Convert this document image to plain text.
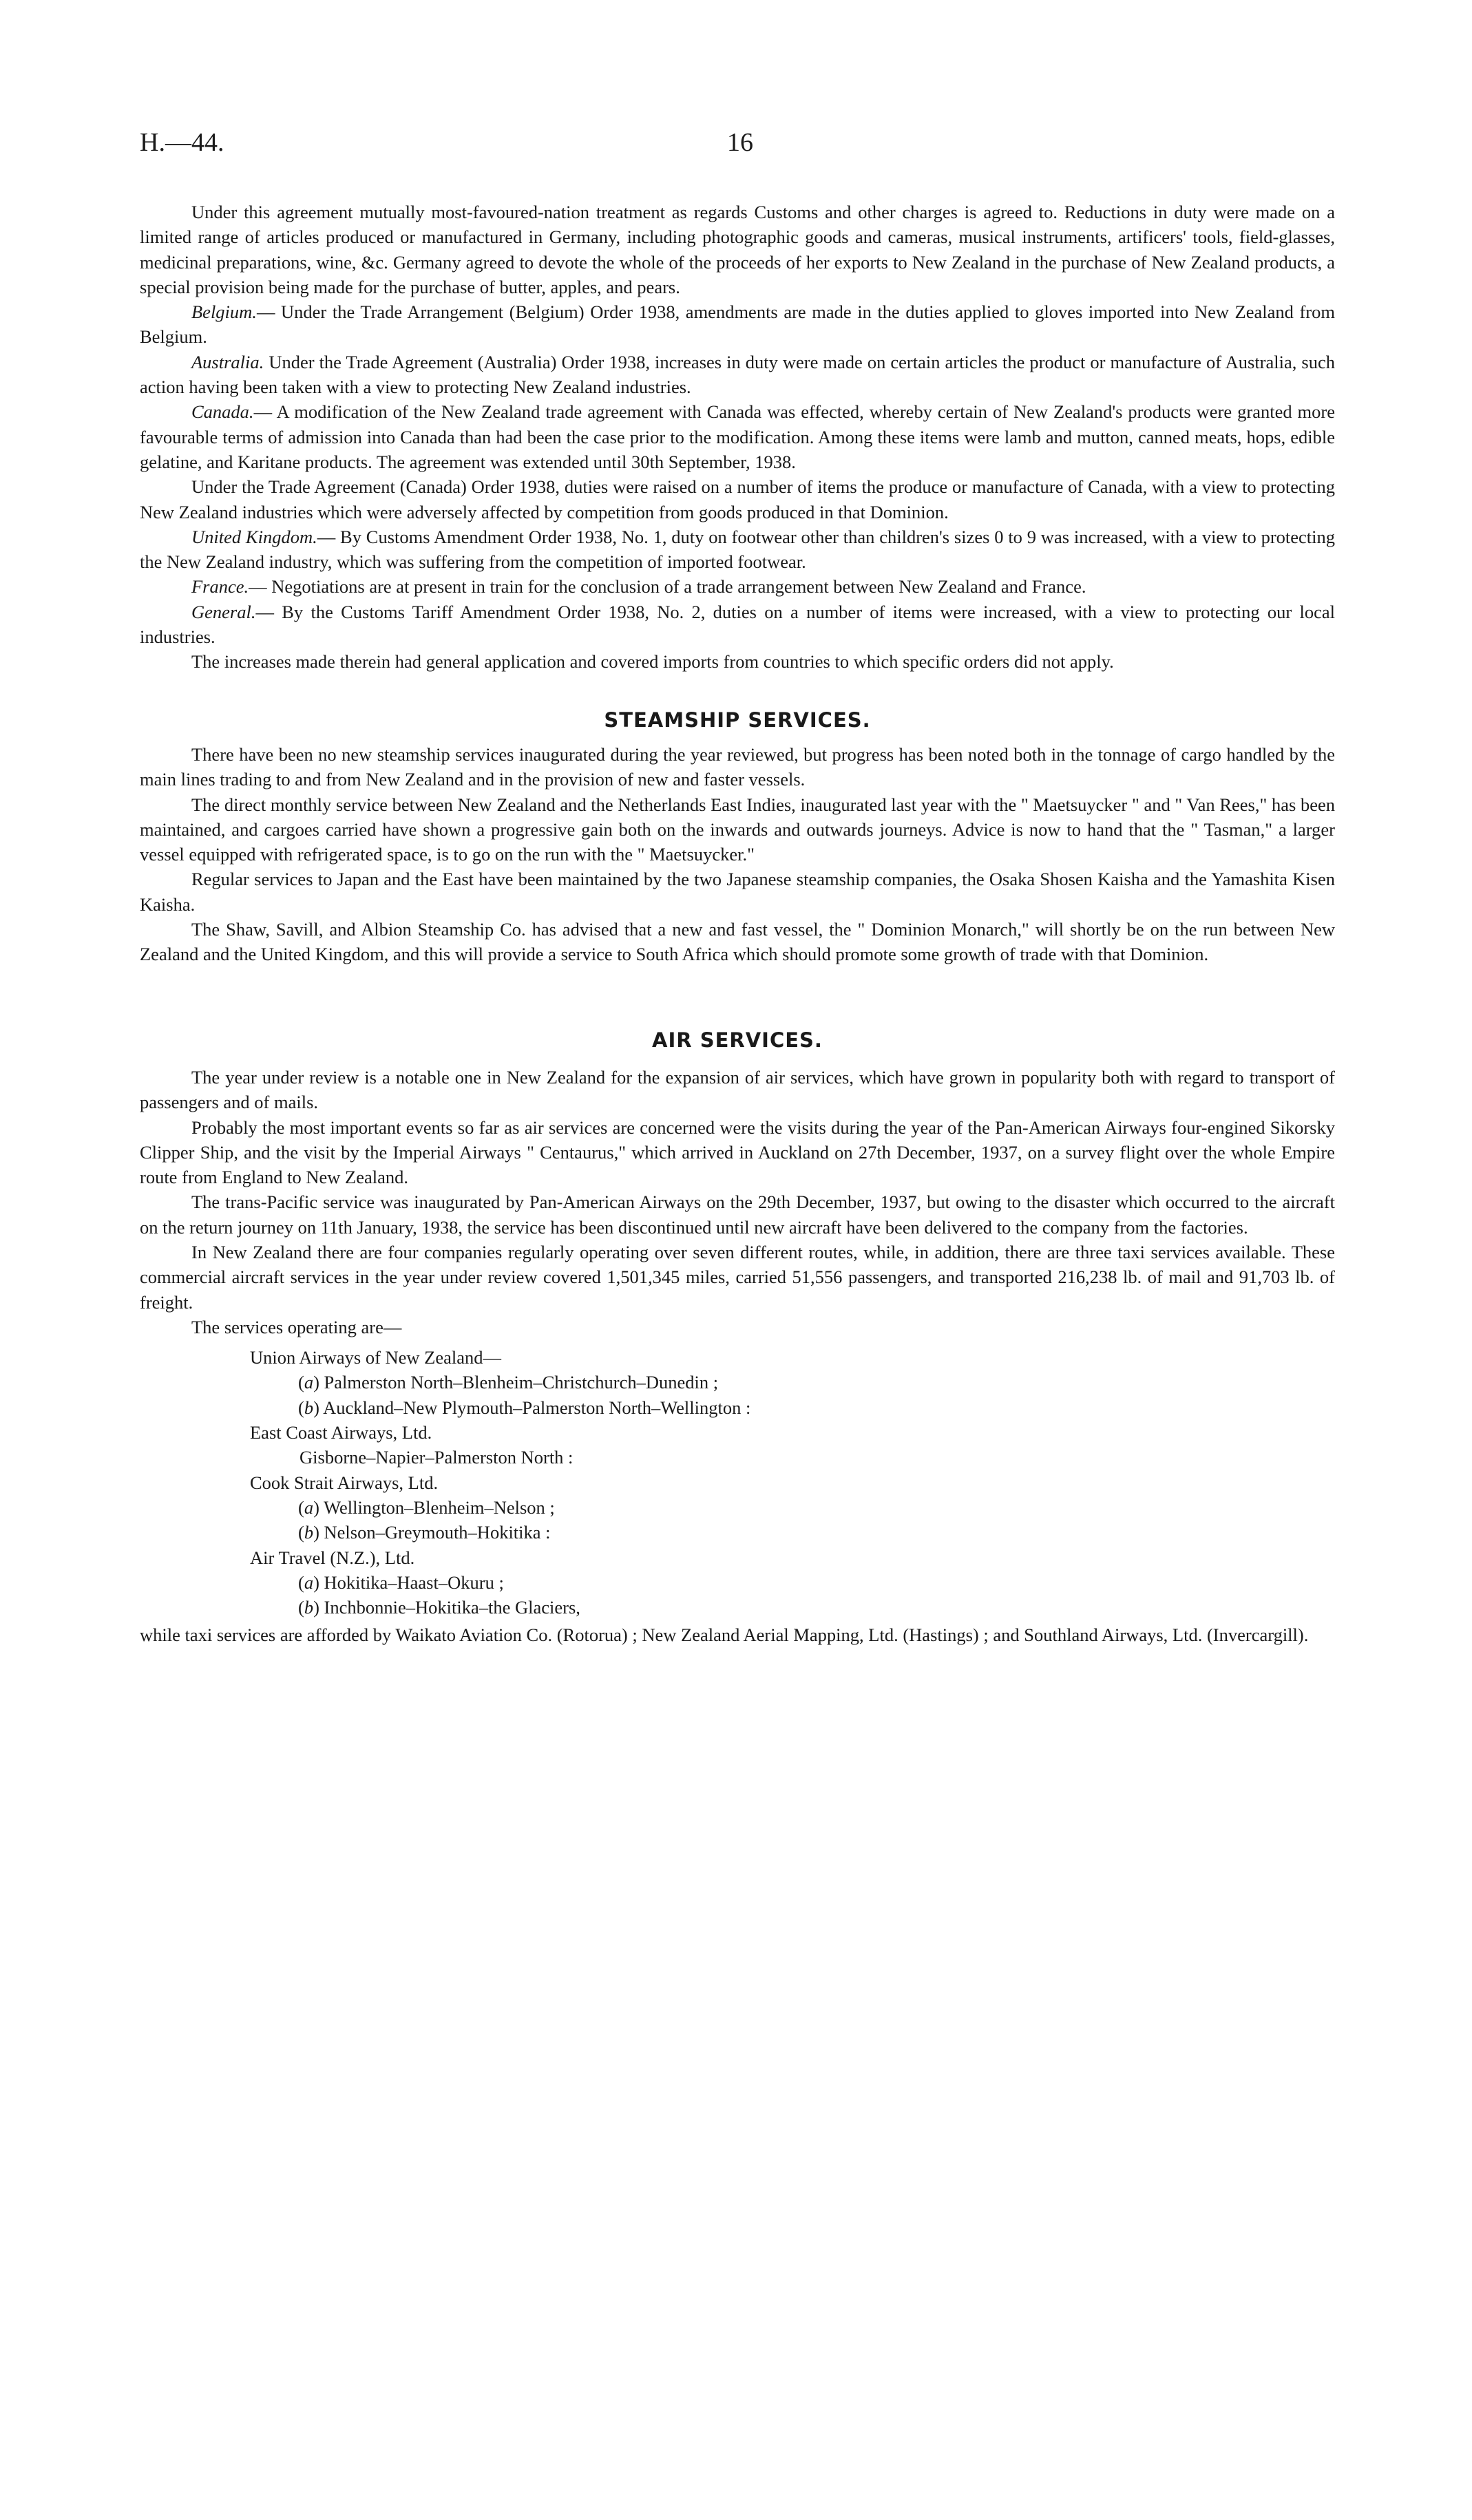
H.—44.	16

Under this agreement mutually most-favoured-nation treatment as regards Customs and other charges is agreed to. Reductions in duty were made on a limited range of articles produced or manufactured in Germany, including photographic goods and cameras, musical instruments, artificers' tools, field-glasses, medicinal preparations, wine, &c. Germany agreed to devote the whole of the proceeds of her exports to New Zealand in the purchase of New Zealand products, a special provision being made for the purchase of butter, apples, and pears.

Belgium.— Under the Trade Arrangement (Belgium) Order 1938, amendments are made in the duties applied to gloves imported into New Zealand from Belgium.

Australia. Under the Trade Agreement (Australia) Order 1938, increases in duty were made on certain articles the product or manufacture of Australia, such action having been taken with a view to protecting New Zealand industries.

Canada.— A modification of the New Zealand trade agreement with Canada was effected, whereby certain of New Zealand's products were granted more favourable terms of admission into Canada than had been the case prior to the modification. Among these items were lamb and mutton, canned meats, hops, edible gelatine, and Karitane products. The agreement was extended until 30th September, 1938.

Under the Trade Agreement (Canada) Order 1938, duties were raised on a number of items the produce or manufacture of Canada, with a view to protecting New Zealand industries which were adversely affected by competition from goods produced in that Dominion.

United Kingdom.— By Customs Amendment Order 1938, No. 1, duty on footwear other than children's sizes 0 to 9 was increased, with a view to protecting the New Zealand industry, which was suffering from the competition of imported footwear.

France.— Negotiations are at present in train for the conclusion of a trade arrangement between New Zealand and France.

General.— By the Customs Tariff Amendment Order 1938, No. 2, duties on a number of items were increased, with a view to protecting our local industries.

The increases made therein had general application and covered imports from countries to which specific orders did not apply.

STEAMSHIP SERVICES.

There have been no new steamship services inaugurated during the year reviewed, but progress has been noted both in the tonnage of cargo handled by the main lines trading to and from New Zealand and in the provision of new and faster vessels.

The direct monthly service between New Zealand and the Netherlands East Indies, inaugurated last year with the " Maetsuycker " and " Van Rees," has been maintained, and cargoes carried have shown a progressive gain both on the inwards and outwards journeys. Advice is now to hand that the " Tasman," a larger vessel equipped with refrigerated space, is to go on the run with the " Maetsuycker."

Regular services to Japan and the East have been maintained by the two Japanese steamship companies, the Osaka Shosen Kaisha and the Yamashita Kisen Kaisha.

The Shaw, Savill, and Albion Steamship Co. has advised that a new and fast vessel, the " Dominion Monarch," will shortly be on the run between New Zealand and the United Kingdom, and this will provide a service to South Africa which should promote some growth of trade with that Dominion.

AIR SERVICES.

The year under review is a notable one in New Zealand for the expansion of air services, which have grown in popularity both with regard to transport of passengers and of mails.

Probably the most important events so far as air services are concerned were the visits during the year of the Pan-American Airways four-engined Sikorsky Clipper Ship, and the visit by the Imperial Airways " Centaurus," which arrived in Auckland on 27th December, 1937, on a survey flight over the whole Empire route from England to New Zealand.

The trans-Pacific service was inaugurated by Pan-American Airways on the 29th December, 1937, but owing to the disaster which occurred to the aircraft on the return journey on 11th January, 1938, the service has been discontinued until new aircraft have been delivered to the company from the factories.

In New Zealand there are four companies regularly operating over seven different routes, while, in addition, there are three taxi services available. These commercial aircraft services in the year under review covered 1,501,345 miles, carried 51,556 passengers, and transported 216,238 lb. of mail and 91,703 lb. of freight.

The services operating are—

Union Airways of New Zealand—
(a) Palmerston North–Blenheim–Christchurch–Dunedin ;
(b) Auckland–New Plymouth–Palmerston North–Wellington :
East Coast Airways, Ltd.
Gisborne–Napier–Palmerston North :
Cook Strait Airways, Ltd.
(a) Wellington–Blenheim–Nelson ;
(b) Nelson–Greymouth–Hokitika :
Air Travel (N.Z.), Ltd.
(a) Hokitika–Haast–Okuru ;
(b) Inchbonnie–Hokitika–the Glaciers,

while taxi services are afforded by Waikato Aviation Co. (Rotorua) ; New Zealand Aerial Mapping, Ltd. (Hastings) ; and Southland Airways, Ltd. (Invercargill).
